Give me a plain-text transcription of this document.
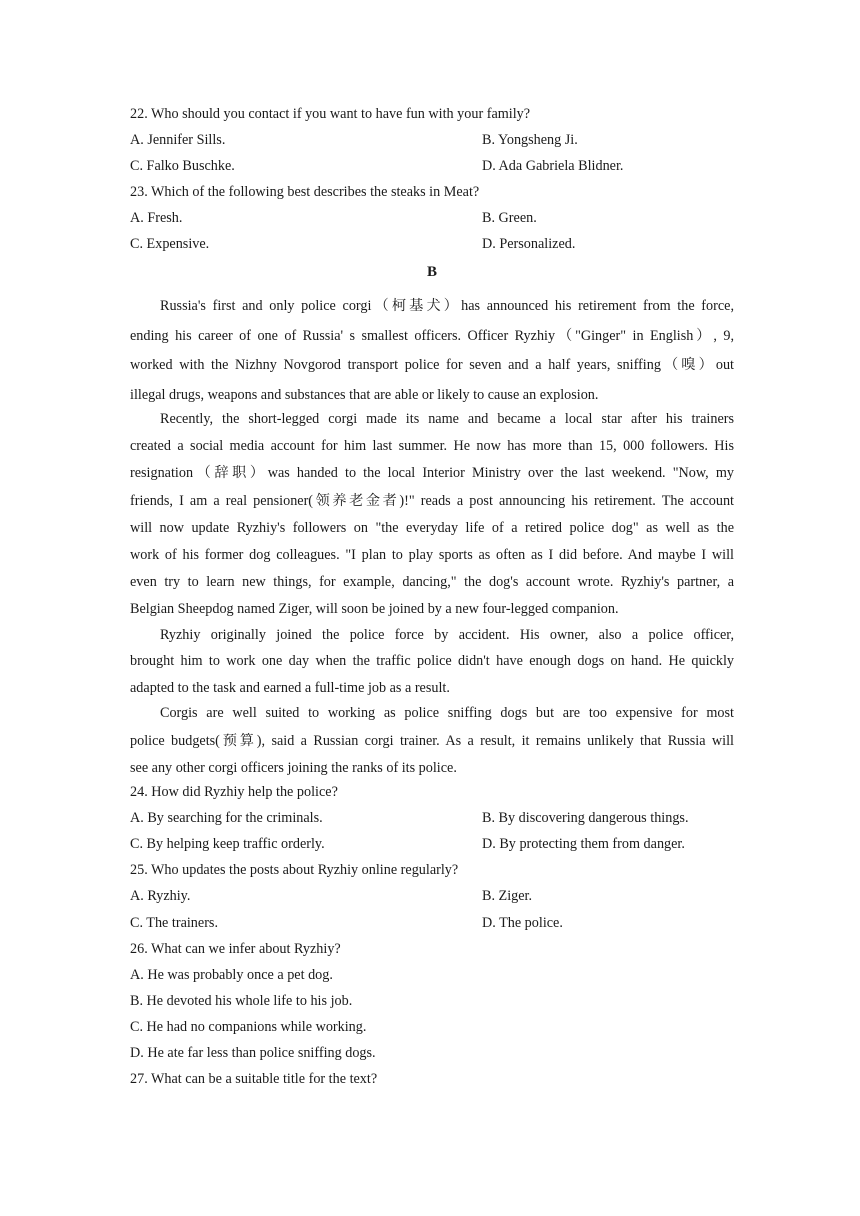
22. Who should you contact if you want to have fun with your family?
A. Jennifer Sills.	B. Yongsheng Ji.
C. Falko Buschke.	D. Ada Gabriela Blidner.
23. Which of the following best describes the steaks in Meat?
A. Fresh.	B. Green.
C. Expensive.	D. Personalized.
B
Russia's first and only police corgi（柯基犬）has announced his retirement from the force,
ending his career of one of Russia' s smallest officers. Officer Ryzhiy（"Ginger" in English）, 9,
worked with the Nizhny Novgorod transport police for seven and a half years, sniffing（嗅）out
illegal drugs, weapons and substances that are able or likely to cause an explosion.
Recently, the short-legged corgi made its name and became a local star after his trainers
created a social media account for him last summer. He now has more than 15, 000 followers. His
resignation（辞职）was handed to the local Interior Ministry over the last weekend. "Now, my
friends, I am a real pensioner(领养老金者)!" reads a post announcing his retirement. The account
will now update Ryzhiy's followers on "the everyday life of a retired police dog" as well as the
work of his former dog colleagues. "I plan to play sports as often as I did before. And maybe I will
even try to learn new things, for example, dancing," the dog's account wrote. Ryzhiy's partner, a
Belgian Sheepdog named Ziger, will soon be joined by a new four-legged companion.
Ryzhiy originally joined the police force by accident. His owner, also a police officer,
brought him to work one day when the traffic police didn't have enough dogs on hand. He quickly
adapted to the task and earned a full-time job as a result.
Corgis are well suited to working as police sniffing dogs but are too expensive for most
police budgets(预算), said a Russian corgi trainer. As a result, it remains unlikely that Russia will
see any other corgi officers joining the ranks of its police.
24. How did Ryzhiy help the police?
A. By searching for the criminals.	B. By discovering dangerous things.
C. By helping keep traffic orderly.	D. By protecting them from danger.
25. Who updates the posts about Ryzhiy online regularly?
A. Ryzhiy.	B. Ziger.
C. The trainers.	D. The police.
26. What can we infer about Ryzhiy?
A. He was probably once a pet dog.
B. He devoted his whole life to his job.
C. He had no companions while working.
D. He ate far less than police sniffing dogs.
27. What can be a suitable title for the text?
